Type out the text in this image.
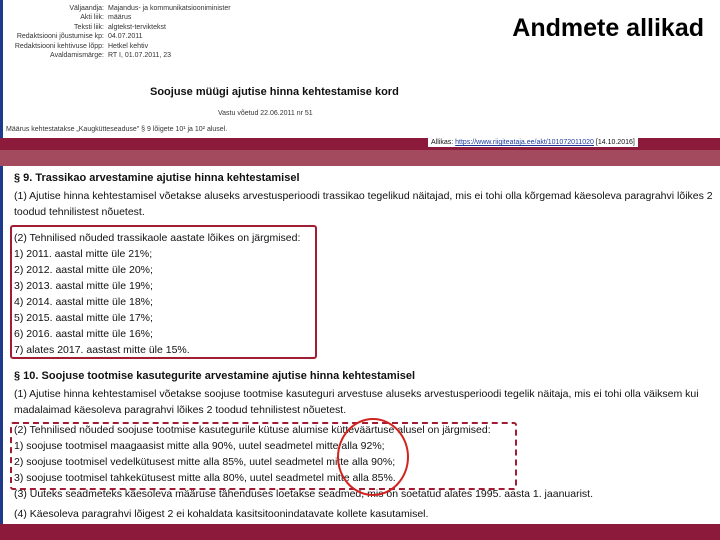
Väljaandja: Majandus- ja kommunikatsiooniminister
Akti liik: määrus
Teksti liik: algtekst-terviktekst
Redaktsiooni jõustumise kp: 04.07.2011
Redaktsiooni kehtivuse lõpp: Hetkel kehtiv
Avaldamismärge: RT I, 01.07.2011, 23
Andmete allikad
Soojuse müügi ajutise hinna kehtestamise kord
Vastu võetud 22.06.2011 nr 51
Määrus kehtestatakse „Kaugkütteseaduse" § 9 lõigete 10¹ ja 10² alusel.
Allikas: https://www.riigiteataja.ee/akt/101072011020 [14.10.2016]
§ 9. Trassikao arvestamine ajutise hinna kehtestamisel
(1) Ajutise hinna kehtestamisel võetakse aluseks arvestusperioodi trassikao tegelikud näitajad, mis ei tohi olla kõrgemad käesoleva paragrahvi lõikes 2
toodud tehnilistest nõuetest.
(2) Tehnilised nõuded trassikaole aastate lõikes on järgmised:
1) 2011. aastal mitte üle 21%;
2) 2012. aastal mitte üle 20%;
3) 2013. aastal mitte üle 19%;
4) 2014. aastal mitte üle 18%;
5) 2015. aastal mitte üle 17%;
6) 2016. aastal mitte üle 16%;
7) alates 2017. aastast mitte üle 15%.
§ 10. Soojuse tootmise kasutegurite arvestamine ajutise hinna kehtestamisel
(1) Ajutise hinna kehtestamisel võetakse soojuse tootmise kasuteguri arvestuse aluseks arvestusperioodi tegelik näitaja, mis ei tohi olla väiksem kui
madalaimad käesoleva paragrahvi lõikes 2 toodud tehnilistest nõuetest.
(2) Tehnilised nõuded soojuse tootmise kasutegurile kütuse alumise kütteväärtuse alusel on järgmised:
1) soojuse tootmisel maagaasist mitte alla 90%, uutel seadmetel mitte alla 92%;
2) soojuse tootmisel vedelkütusest mitte alla 85%, uutel seadmetel mitte alla 90%;
3) soojuse tootmisel tahkekütusest mitte alla 80%, uutel seadmetel mitte alla 85%.
(3) Uuteks seadmeteks käesoleva määruse tähenduses loetakse seadmed, mis on soetatud alates 1995. aasta 1. jaanuarist.
(4) Käesoleva paragrahvi lõigest 2 ei kohaldata kasitsitoonindatavate kollete kasutamisel.
